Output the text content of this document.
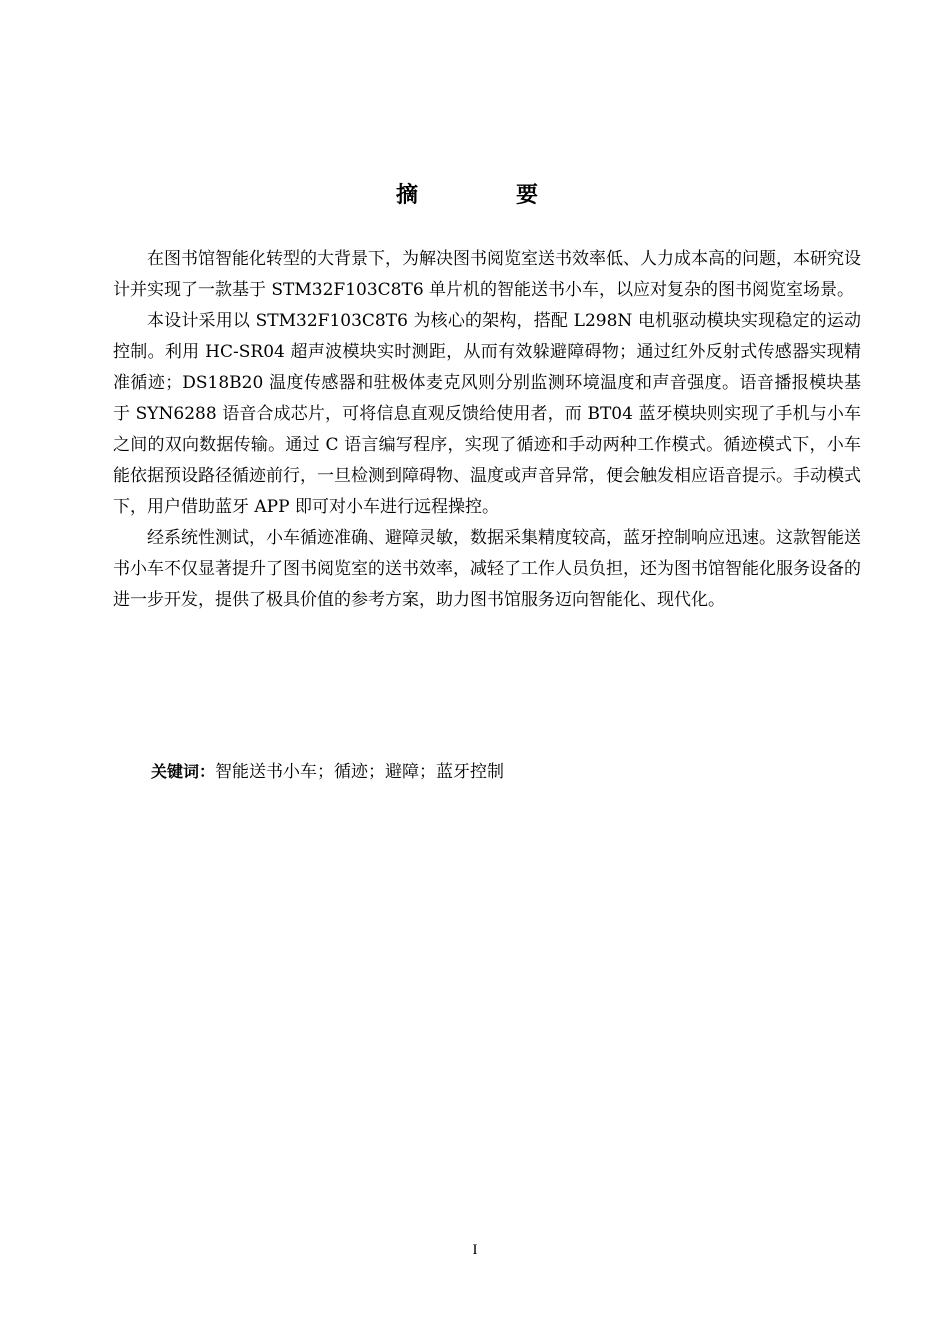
摘　要

在图书馆智能化转型的大背景下，为解决图书阅览室送书效率低、人力成本高的问题，本研究设计并实现了一款基于 STM32F103C8T6 单片机的智能送书小车，以应对复杂的图书阅览室场景。

本设计采用以 STM32F103C8T6 为核心的架构，搭配 L298N 电机驱动模块实现稳定的运动控制。利用 HC-SR04 超声波模块实时测距，从而有效躲避障碍物；通过红外反射式传感器实现精准循迹；DS18B20 温度传感器和驻极体麦克风则分别监测环境温度和声音强度。语音播报模块基于 SYN6288 语音合成芯片，可将信息直观反馈给使用者，而 BT04 蓝牙模块则实现了手机与小车之间的双向数据传输。通过 C 语言编写程序，实现了循迹和手动两种工作模式。循迹模式下，小车能依据预设路径循迹前行，一旦检测到障碍物、温度或声音异常，便会触发相应语音提示。手动模式下，用户借助蓝牙 APP 即可对小车进行远程操控。

经系统性测试，小车循迹准确、避障灵敏，数据采集精度较高，蓝牙控制响应迅速。这款智能送书小车不仅显著提升了图书阅览室的送书效率，减轻了工作人员负担，还为图书馆智能化服务设备的进一步开发，提供了极具价值的参考方案，助力图书馆服务迈向智能化、现代化。

关键词：智能送书小车；循迹；避障；蓝牙控制
I
